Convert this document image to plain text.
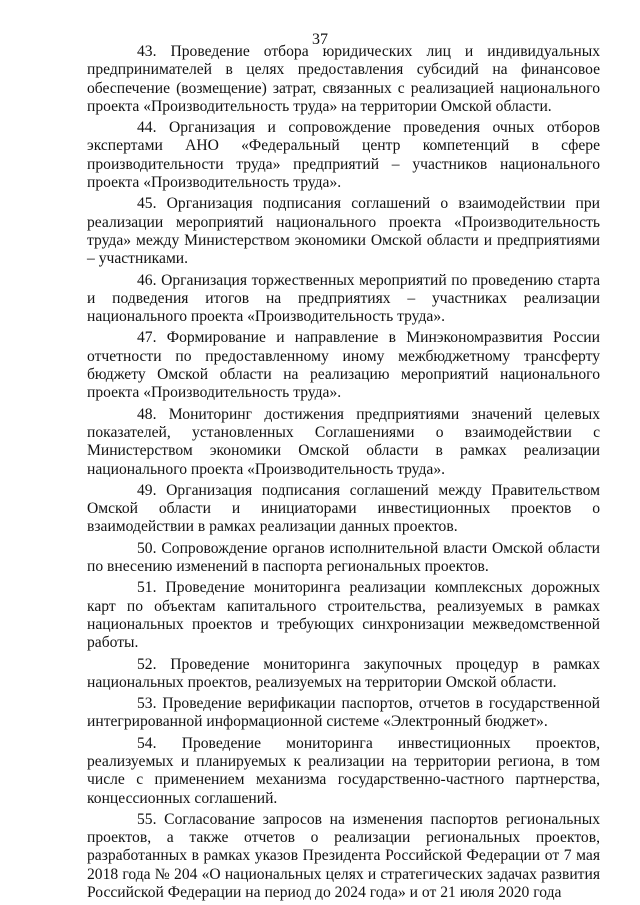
37

43. Проведение отбора юридических лиц и индивидуальных предпринимателей в целях предоставления субсидий на финансовое обеспечение (возмещение) затрат, связанных с реализацией национального проекта «Производительность труда» на территории Омской области.

44. Организация и сопровождение проведения очных отборов экспертами АНО «Федеральный центр компетенций в сфере производительности труда» предприятий – участников национального проекта «Производительность труда».

45. Организация подписания соглашений о взаимодействии при реализации мероприятий национального проекта «Производительность труда» между Министерством экономики Омской области и предприятиями – участниками.

46. Организация торжественных мероприятий по проведению старта и подведения итогов на предприятиях – участниках реализации национального проекта «Производительность труда».

47. Формирование и направление в Минэкономразвития России отчетности по предоставленному иному межбюджетному трансферту бюджету Омской области на реализацию мероприятий национального проекта «Производительность труда».

48. Мониторинг достижения предприятиями значений целевых показателей, установленных Соглашениями о взаимодействии с Министерством экономики Омской области в рамках реализации национального проекта «Производительность труда».

49. Организация подписания соглашений между Правительством Омской области и инициаторами инвестиционных проектов о взаимодействии в рамках реализации данных проектов.

50. Сопровождение органов исполнительной власти Омской области по внесению изменений в паспорта региональных проектов.

51. Проведение мониторинга реализации комплексных дорожных карт по объектам капитального строительства, реализуемых в рамках национальных проектов и требующих синхронизации межведомственной работы.

52. Проведение мониторинга закупочных процедур в рамках национальных проектов, реализуемых на территории Омской области.

53. Проведение верификации паспортов, отчетов в государственной интегрированной информационной системе «Электронный бюджет».

54. Проведение мониторинга инвестиционных проектов, реализуемых и планируемых к реализации на территории региона, в том числе с применением механизма государственно-частного партнерства, концессионных соглашений.

55. Согласование запросов на изменения паспортов региональных проектов, а также отчетов о реализации региональных проектов, разработанных в рамках указов Президента Российской Федерации от 7 мая 2018 года № 204 «О национальных целях и стратегических задачах развития Российской Федерации на период до 2024 года» и от 21 июля 2020 года
